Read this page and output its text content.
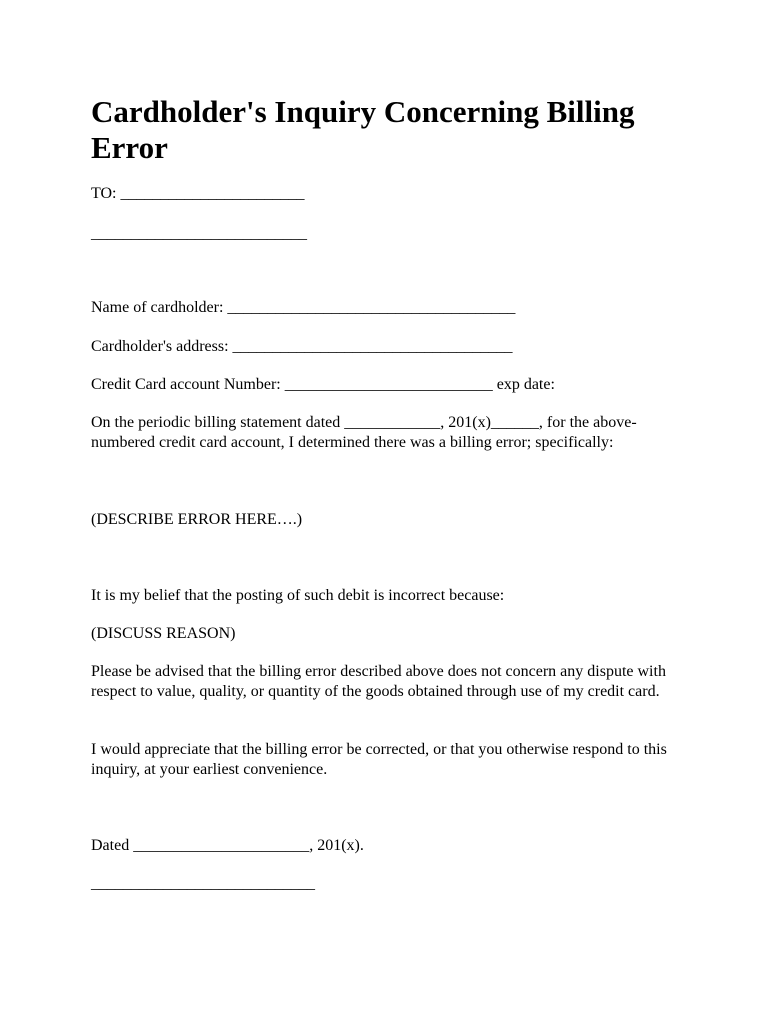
Cardholder's Inquiry Concerning Billing Error

TO: _______________________

___________________________

Name of cardholder: ____________________________________

Cardholder's address: ___________________________________

Credit Card account Number: __________________________ exp date:

On the periodic billing statement dated ____________, 201(x)______, for the above-numbered credit card account, I determined there was a billing error; specifically:

(DESCRIBE ERROR HERE….)

It is my belief that the posting of such debit is incorrect because:

(DISCUSS REASON)

Please be advised that the billing error described above does not concern any dispute with respect to value, quality, or quantity of the goods obtained through use of my credit card.

I would appreciate that the billing error be corrected, or that you otherwise respond to this inquiry, at your earliest convenience.

Dated ______________________, 201(x).

____________________________
